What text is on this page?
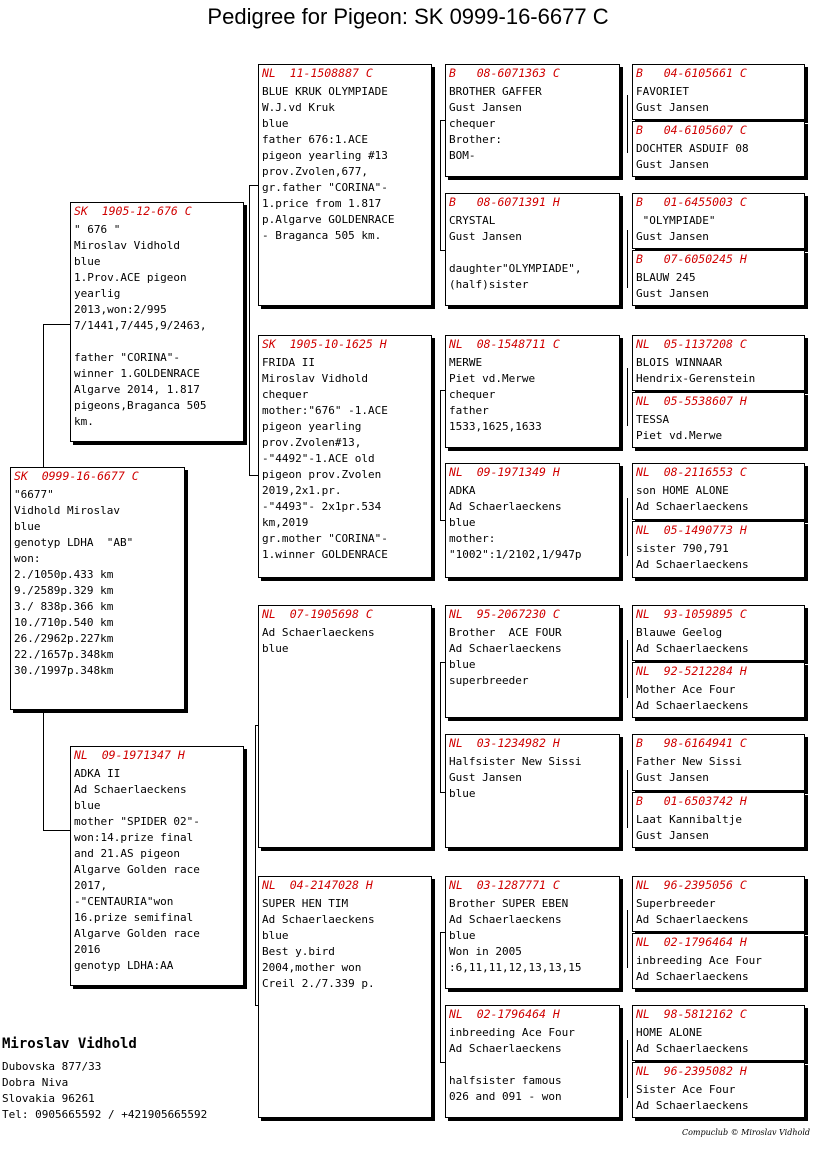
Pedigree for Pigeon: SK 0999-16-6677 C
SK  0999-16-6677 C
"6677"
Vidhold Miroslav
blue
genotyp LDHA  "AB"
won:
2./1050p.433 km
9./2589p.329 km
3./ 838p.366 km
10./710p.540 km
26./2962p.227km
22./1657p.348km
30./1997p.348km
SK  1905-12-676 C
" 676 "
Miroslav Vidhold
blue
1.Prov.ACE pigeon
yearlig
2013,won:2/995
7/1441,7/445,9/2463,

father "CORINA"-
winner 1.GOLDENRACE
Algarve 2014, 1.817
pigeons,Braganca 505
km.
NL  09-1971347 H
ADKA II
Ad Schaerlaeckens
blue
mother "SPIDER 02"-
won:14.prize final
and 21.AS pigeon
Algarve Golden race
2017,
-"CENTAURIA"won
16.prize semifinal
Algarve Golden race
2016
genotyp LDHA:AA
NL  11-1508887 C
BLUE KRUK OLYMPIADE
W.J.vd Kruk
blue
father 676:1.ACE
pigeon yearling #13
prov.Zvolen,677,
gr.father "CORINA"-
1.price from 1.817
p.Algarve GOLDENRACE
- Braganca 505 km.
SK  1905-10-1625 H
FRIDA II
Miroslav Vidhold
chequer
mother:"676" -1.ACE
pigeon yearling
prov.Zvolen#13,
-"4492"-1.ACE old
pigeon prov.Zvolen
2019,2x1.pr.
-"4493"- 2x1pr.534
km,2019
gr.mother "CORINA"-
1.winner GOLDENRACE
NL  07-1905698 C
Ad Schaerlaeckens
blue
NL  04-2147028 H
SUPER HEN TIM
Ad Schaerlaeckens
blue
Best y.bird
2004,mother won
Creil 2./7.339 p.
B   08-6071363 C
BROTHER GAFFER
Gust Jansen
chequer
Brother:
BOM-
B   08-6071391 H
CRYSTAL
Gust Jansen

daughter"OLYMPIADE",
(half)sister
NL  08-1548711 C
MERWE
Piet vd.Merwe
chequer
father
1533,1625,1633
NL  09-1971349 H
ADKA
Ad Schaerlaeckens
blue
mother:
"1002":1/2102,1/947p
NL  95-2067230 C
Brother  ACE FOUR
Ad Schaerlaeckens
blue
superbreeder
NL  03-1234982 H
Halfsister New Sissi
Gust Jansen
blue
NL  03-1287771 C
Brother SUPER EBEN
Ad Schaerlaeckens
blue
Won in 2005
:6,11,11,12,13,13,15
NL  02-1796464 H
inbreeding Ace Four
Ad Schaerlaeckens

halfsister famous
026 and 091 - won
B   04-6105661 C
FAVORIET
Gust Jansen
B   04-6105607 C
DOCHTER ASDUIF 08
Gust Jansen
B   01-6455003 C
"OLYMPIADE"
Gust Jansen
B   07-6050245 H
BLAUW 245
Gust Jansen
NL  05-1137208 C
BLOIS WINNAAR
Hendrix-Gerenstein
NL  05-5538607 H
TESSA
Piet vd.Merwe
NL  08-2116553 C
son HOME ALONE
Ad Schaerlaeckens
NL  05-1490773 H
sister 790,791
Ad Schaerlaeckens
NL  93-1059895 C
Blauwe Geelog
Ad Schaerlaeckens
NL  92-5212284 H
Mother Ace Four
Ad Schaerlaeckens
B   98-6164941 C
Father New Sissi
Gust Jansen
B   01-6503742 H
Laat Kannibaltje
Gust Jansen
NL  96-2395056 C
Superbreeder
Ad Schaerlaeckens
NL  02-1796464 H
inbreeding Ace Four
Ad Schaerlaeckens
NL  98-5812162 C
HOME ALONE
Ad Schaerlaeckens
NL  96-2395082 H
Sister Ace Four
Ad Schaerlaeckens
Miroslav Vidhold
Dubovska 877/33
Dobra Niva
Slovakia 96261
Tel: 0905665592 / +421905665592
Compuclub © Miroslav Vidhold
